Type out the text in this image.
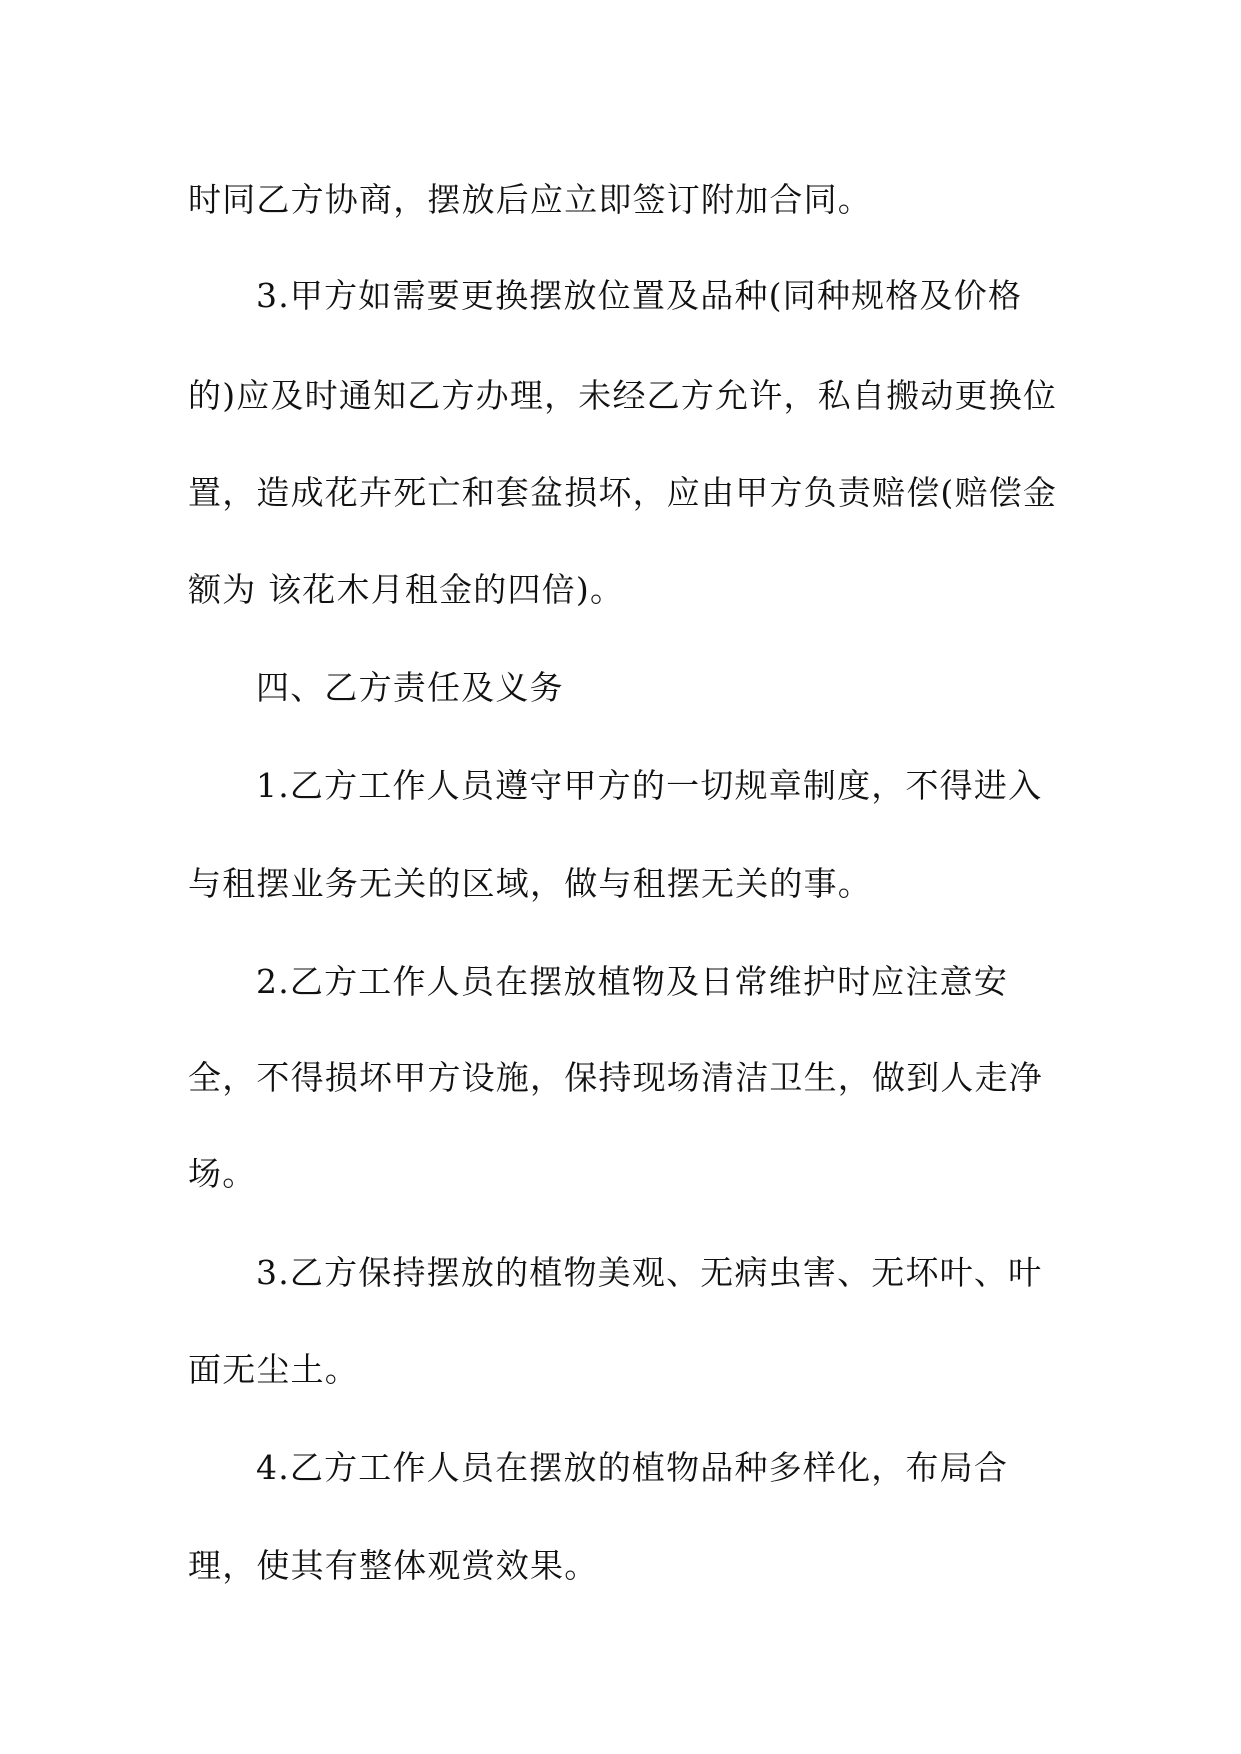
时同乙方协商，摆放后应立即签订附加合同。
3.甲方如需要更换摆放位置及品种(同种规格及价格
的)应及时通知乙方办理，未经乙方允许，私自搬动更换位
置，造成花卉死亡和套盆损坏，应由甲方负责赔偿(赔偿金
额为 该花木月租金的四倍)。
四、乙方责任及义务
1.乙方工作人员遵守甲方的一切规章制度，不得进入
与租摆业务无关的区域，做与租摆无关的事。
2.乙方工作人员在摆放植物及日常维护时应注意安
全，不得损坏甲方设施，保持现场清洁卫生，做到人走净
场。
3.乙方保持摆放的植物美观、无病虫害、无坏叶、叶
面无尘土。
4.乙方工作人员在摆放的植物品种多样化，布局合
理，使其有整体观赏效果。
